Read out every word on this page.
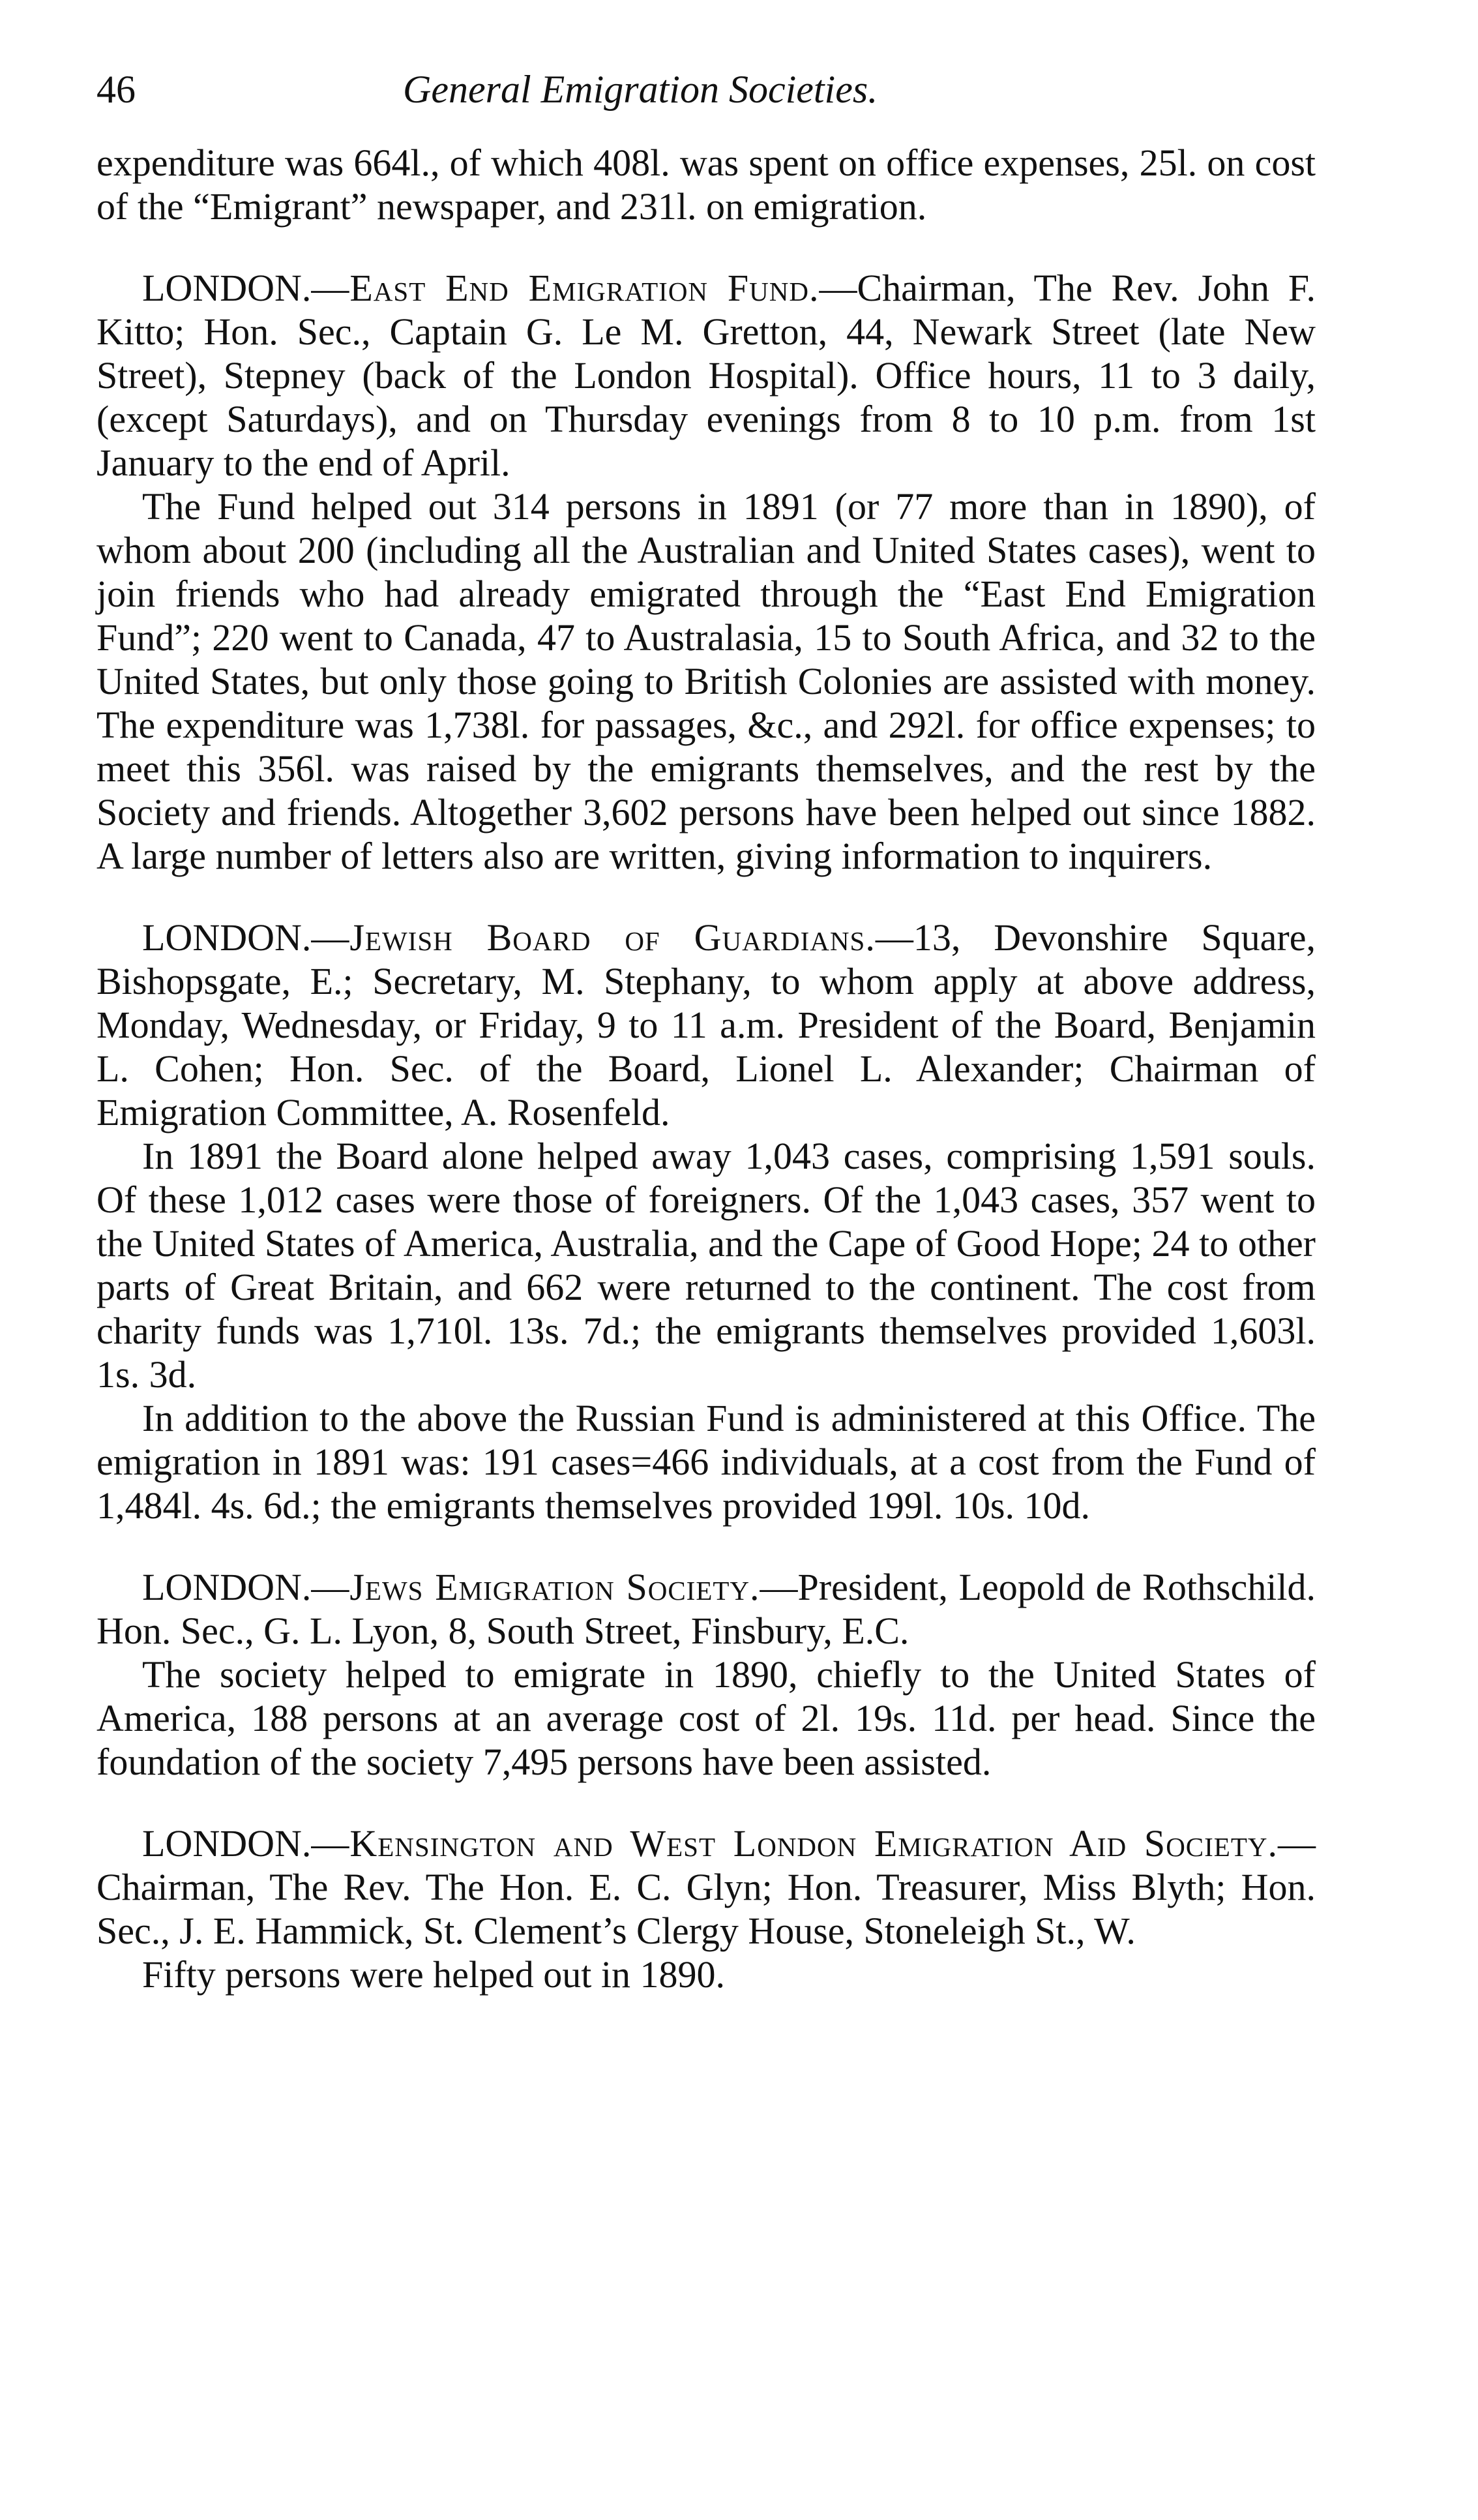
46	General Emigration Societies.

expenditure was 664l., of which 408l. was spent on office expenses, 25l. on cost of the “Emigrant” newspaper, and 231l. on emigration.

LONDON.—East End Emigration Fund.—Chairman, The Rev. John F. Kitto; Hon. Sec., Captain G. Le M. Gretton, 44, Newark Street (late New Street), Stepney (back of the London Hospital). Office hours, 11 to 3 daily, (except Saturdays), and on Thursday evenings from 8 to 10 p.m. from 1st January to the end of April.

The Fund helped out 314 persons in 1891 (or 77 more than in 1890), of whom about 200 (including all the Australian and United States cases), went to join friends who had already emigrated through the “East End Emigration Fund”; 220 went to Canada, 47 to Australasia, 15 to South Africa, and 32 to the United States, but only those going to British Colonies are assisted with money. The expenditure was 1,738l. for passages, &c., and 292l. for office expenses; to meet this 356l. was raised by the emigrants themselves, and the rest by the Society and friends. Altogether 3,602 persons have been helped out since 1882. A large number of letters also are written, giving information to inquirers.

LONDON.—Jewish Board of Guardians.—13, Devonshire Square, Bishopsgate, E.; Secretary, M. Stephany, to whom apply at above address, Monday, Wednesday, or Friday, 9 to 11 a.m. President of the Board, Benjamin L. Cohen; Hon. Sec. of the Board, Lionel L. Alexander; Chairman of Emigration Committee, A. Rosenfeld.

In 1891 the Board alone helped away 1,043 cases, comprising 1,591 souls. Of these 1,012 cases were those of foreigners. Of the 1,043 cases, 357 went to the United States of America, Australia, and the Cape of Good Hope; 24 to other parts of Great Britain, and 662 were returned to the continent. The cost from charity funds was 1,710l. 13s. 7d.; the emigrants themselves provided 1,603l. 1s. 3d.

In addition to the above the Russian Fund is administered at this Office. The emigration in 1891 was: 191 cases=466 individuals, at a cost from the Fund of 1,484l. 4s. 6d.; the emigrants themselves provided 199l. 10s. 10d.

LONDON.—Jews Emigration Society.—President, Leopold de Rothschild. Hon. Sec., G. L. Lyon, 8, South Street, Finsbury, E.C.

The society helped to emigrate in 1890, chiefly to the United States of America, 188 persons at an average cost of 2l. 19s. 11d. per head. Since the foundation of the society 7,495 persons have been assisted.

LONDON.—Kensington and West London Emigration Aid Society.—Chairman, The Rev. The Hon. E. C. Glyn; Hon. Treasurer, Miss Blyth; Hon. Sec., J. E. Hammick, St. Clement’s Clergy House, Stoneleigh St., W.

Fifty persons were helped out in 1890.
